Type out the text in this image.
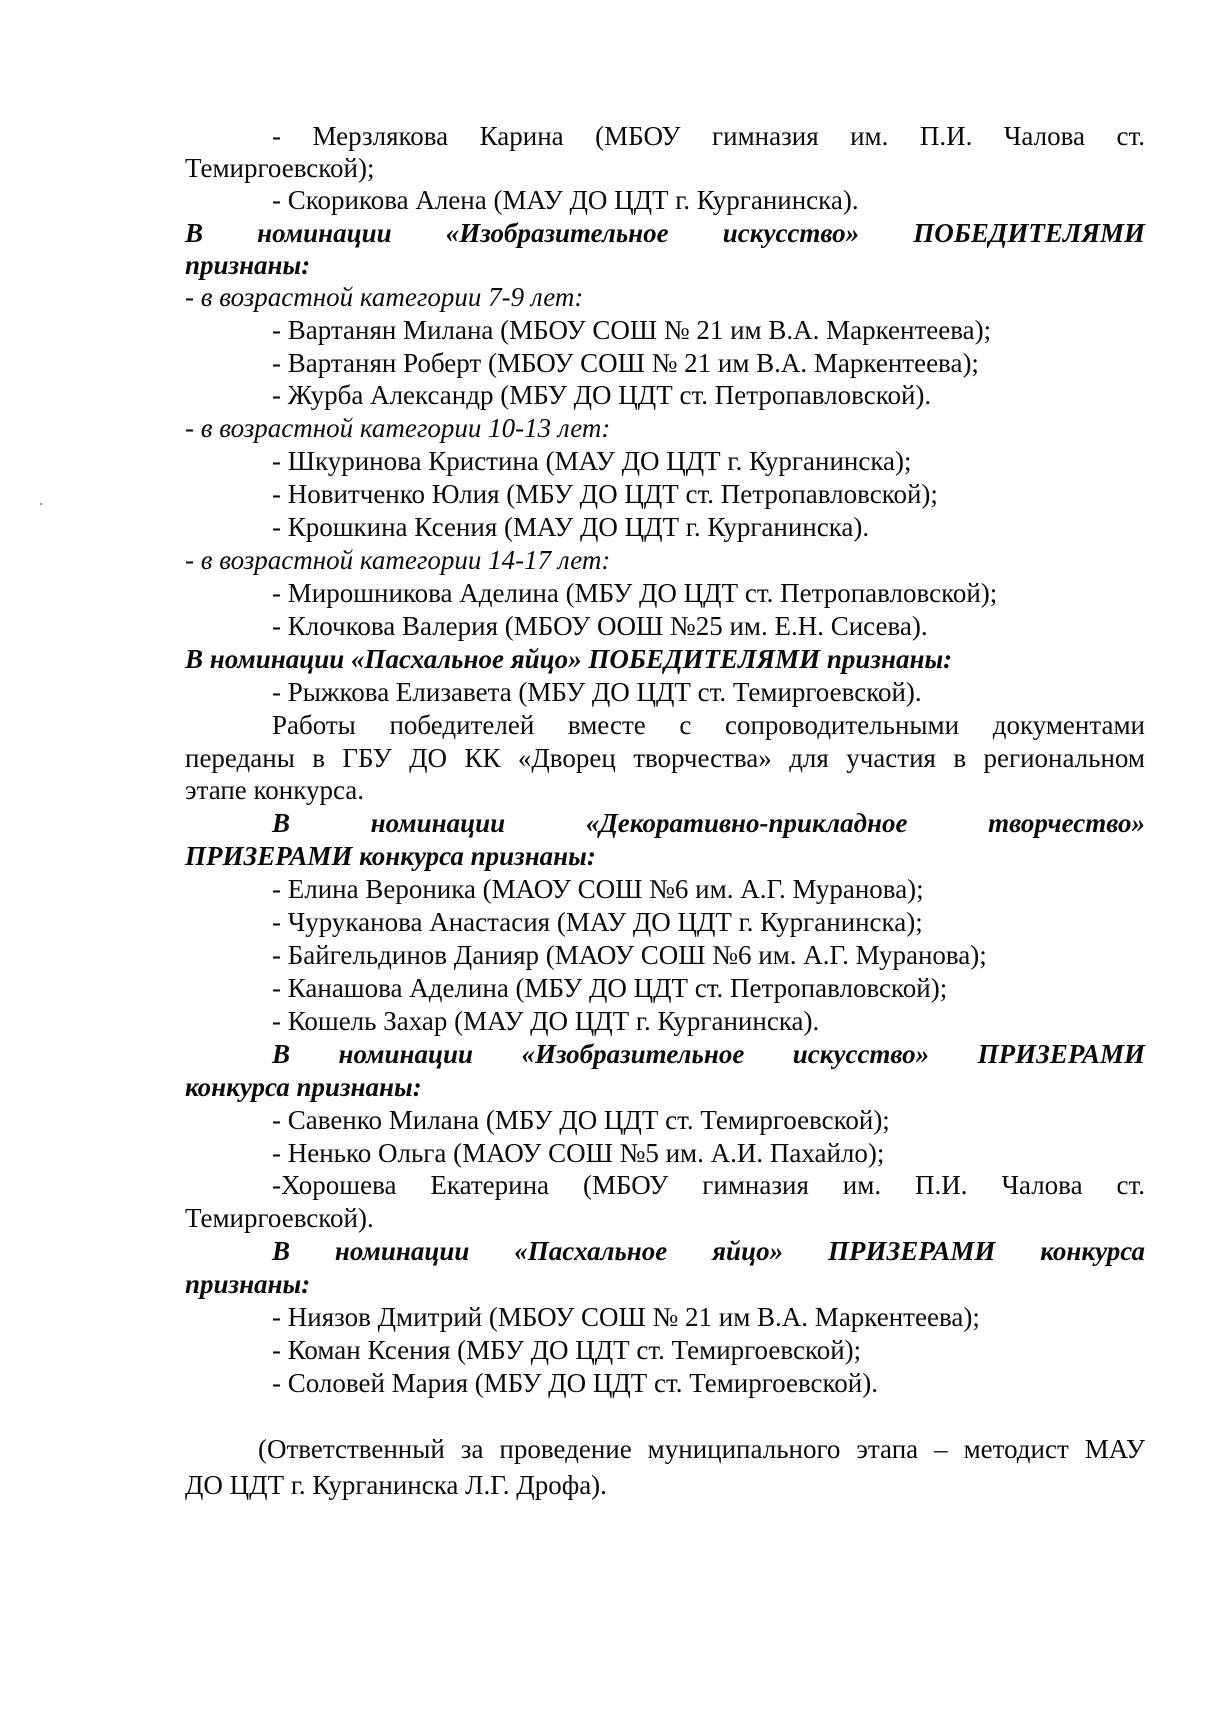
- Мерзлякова Карина (МБОУ гимназия им. П.И. Чалова ст.
Темиргоевской);
- Скорикова Алена (МАУ ДО ЦДТ г. Курганинска).
В номинации «Изобразительное искусство» ПОБЕДИТЕЛЯМИ
признаны:
- в возрастной категории 7-9 лет:
- Вартанян Милана (МБОУ СОШ № 21 им В.А. Маркентеева);
- Вартанян Роберт (МБОУ СОШ № 21 им В.А. Маркентеева);
- Журба Александр (МБУ ДО ЦДТ ст. Петропавловской).
- в возрастной категории 10-13 лет:
- Шкуринова Кристина (МАУ ДО ЦДТ г. Курганинска);
- Новитченко Юлия (МБУ ДО ЦДТ ст. Петропавловской);
- Крошкина Ксения (МАУ ДО ЦДТ г. Курганинска).
- в возрастной категории 14-17 лет:
- Мирошникова Аделина (МБУ ДО ЦДТ ст. Петропавловской);
- Клочкова Валерия (МБОУ ООШ №25 им. Е.Н. Сисева).
В номинации «Пасхальное яйцо» ПОБЕДИТЕЛЯМИ признаны:
- Рыжкова Елизавета (МБУ ДО ЦДТ ст. Темиргоевской).
Работы победителей вместе с сопроводительными документами
переданы в ГБУ ДО КК «Дворец творчества» для участия в региональном
этапе конкурса.
В номинации «Декоративно-прикладное творчество»
ПРИЗЕРАМИ конкурса признаны:
- Елина Вероника (МАОУ СОШ №6 им. А.Г. Муранова);
- Чуруканова Анастасия (МАУ ДО ЦДТ г. Курганинска);
- Байгельдинов Данияр (МАОУ СОШ №6 им. А.Г. Муранова);
- Канашова Аделина (МБУ ДО ЦДТ ст. Петропавловской);
- Кошель Захар (МАУ ДО ЦДТ г. Курганинска).
В номинации «Изобразительное искусство» ПРИЗЕРАМИ
конкурса признаны:
- Савенко Милана (МБУ ДО ЦДТ ст. Темиргоевской);
- Ненько Ольга (МАОУ СОШ №5 им. А.И. Пахайло);
-Хорошева Екатерина (МБОУ гимназия им. П.И. Чалова ст.
Темиргоевской).
В номинации «Пасхальное яйцо» ПРИЗЕРАМИ конкурса
признаны:
- Ниязов Дмитрий (МБОУ СОШ № 21 им В.А. Маркентеева);
- Коман Ксения (МБУ ДО ЦДТ ст. Темиргоевской);
- Соловей Мария (МБУ ДО ЦДТ ст. Темиргоевской).
(Ответственный за проведение муниципального этапа – методист МАУ
ДО ЦДТ г. Курганинска Л.Г. Дрофа).
